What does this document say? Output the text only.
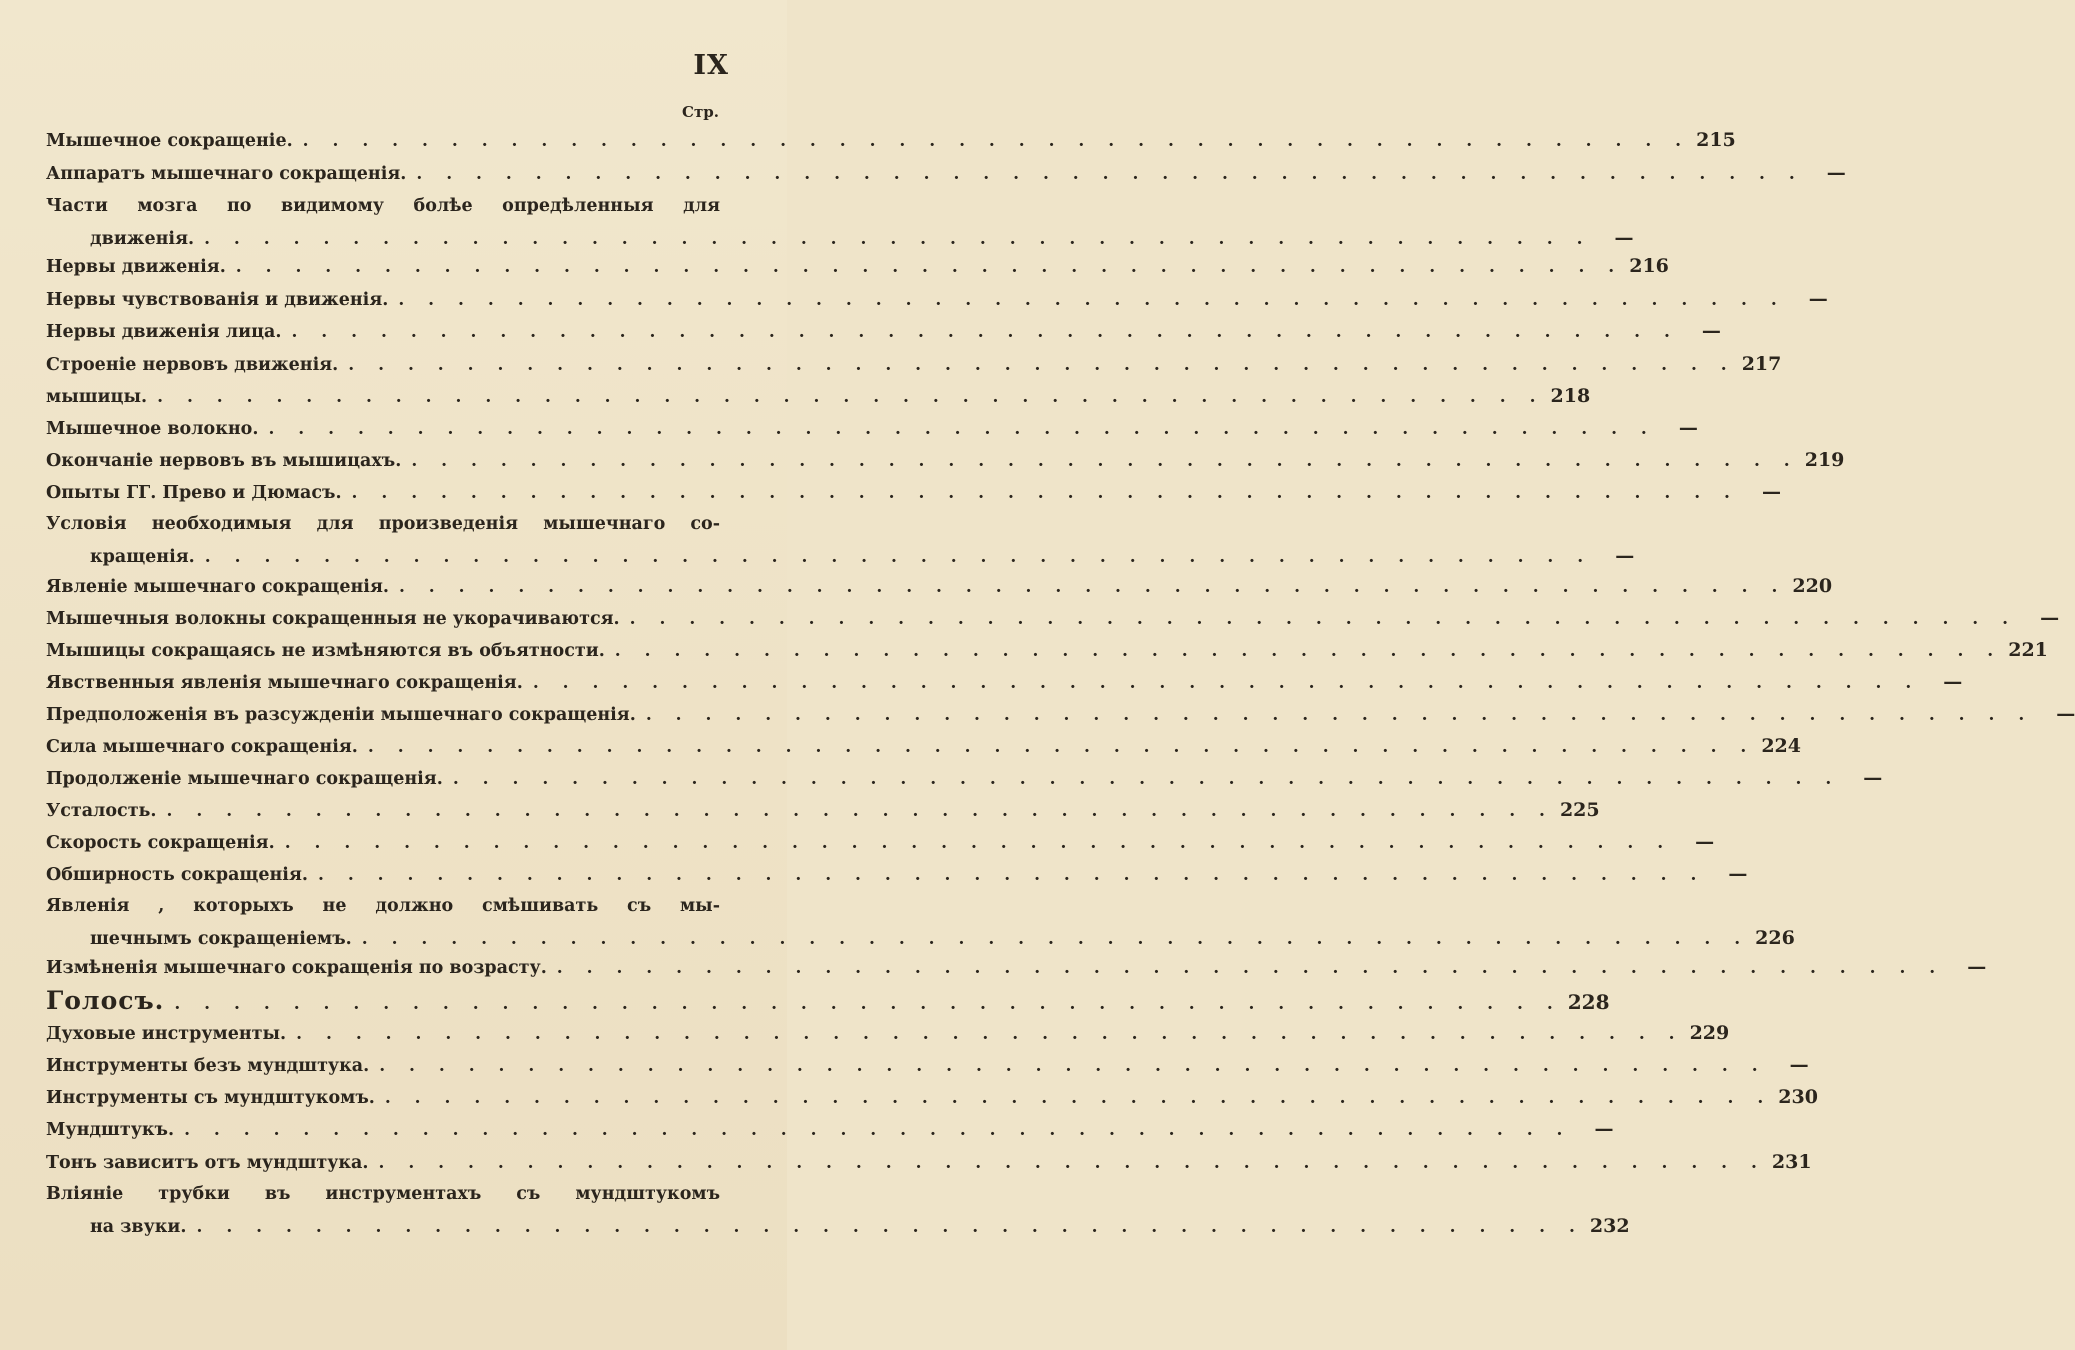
IX
Стр.
Мышечное сокращеніе. . . . . . . . . . . . . . . . . . . . . . . . . . . . . . . . . . . . . . . . . . . . . . . . 215
Аппаратъ мышечнаго сокращенія. . . . . . . . . . . . . . . . . . . . . . . . . . . . . . . . . . . . . . . . . . . . . . . .	—
Части мозга по видимому болѣе опредѣленныя для
движенія. . . . . . . . . . . . . . . . . . . . . . . . . . . . . . . . . . . . . . . . . . . . . . . .	—
Нервы движенія. . . . . . . . . . . . . . . . . . . . . . . . . . . . . . . . . . . . . . . . . . . . . . . . 216
Нервы чувствованія и движенія. . . . . . . . . . . . . . . . . . . . . . . . . . . . . . . . . . . . . . . . . . . . . . . .	—
Нервы движенія лица. . . . . . . . . . . . . . . . . . . . . . . . . . . . . . . . . . . . . . . . . . . . . . . .	—
Строеніе нервовъ движенія. . . . . . . . . . . . . . . . . . . . . . . . . . . . . . . . . . . . . . . . . . . . . . . . 217
мышицы. . . . . . . . . . . . . . . . . . . . . . . . . . . . . . . . . . . . . . . . . . . . . . . . 218
Мышечное волокно. . . . . . . . . . . . . . . . . . . . . . . . . . . . . . . . . . . . . . . . . . . . . . . .	—
Окончаніе нервовъ въ мышицахъ. . . . . . . . . . . . . . . . . . . . . . . . . . . . . . . . . . . . . . . . . . . . . . . . 219
Опыты ГГ. Прево и Дюмасъ. . . . . . . . . . . . . . . . . . . . . . . . . . . . . . . . . . . . . . . . . . . . . . . .	—
Условія необходимыя для произведенія мышечнаго со-
кращенія. . . . . . . . . . . . . . . . . . . . . . . . . . . . . . . . . . . . . . . . . . . . . . . .	—
Явленіе мышечнаго сокращенія. . . . . . . . . . . . . . . . . . . . . . . . . . . . . . . . . . . . . . . . . . . . . . . . 220
Мышечныя волокны сокращенныя не укорачиваются. . . . . . . . . . . . . . . . . . . . . . . . . . . . . . . . . . . . . . . . . . . . . . . .	—
Мышицы сокращаясь не измѣняются въ объятности. . . . . . . . . . . . . . . . . . . . . . . . . . . . . . . . . . . . . . . . . . . . . . . . 221
Явственныя явленія мышечнаго сокращенія. . . . . . . . . . . . . . . . . . . . . . . . . . . . . . . . . . . . . . . . . . . . . . . .	—
Предположенія въ разсужденіи мышечнаго сокращенія. . . . . . . . . . . . . . . . . . . . . . . . . . . . . . . . . . . . . . . . . . . . . . . .	—
Сила мышечнаго сокращенія. . . . . . . . . . . . . . . . . . . . . . . . . . . . . . . . . . . . . . . . . . . . . . . . 224
Продолженіе мышечнаго сокращенія. . . . . . . . . . . . . . . . . . . . . . . . . . . . . . . . . . . . . . . . . . . . . . . .	—
Усталость. . . . . . . . . . . . . . . . . . . . . . . . . . . . . . . . . . . . . . . . . . . . . . . . 225
Скорость сокращенія. . . . . . . . . . . . . . . . . . . . . . . . . . . . . . . . . . . . . . . . . . . . . . . .	—
Обширность сокращенія. . . . . . . . . . . . . . . . . . . . . . . . . . . . . . . . . . . . . . . . . . . . . . . .	—
Явленія , которыхъ не должно смѣшивать съ мы-
шечнымъ сокращеніемъ. . . . . . . . . . . . . . . . . . . . . . . . . . . . . . . . . . . . . . . . . . . . . . . . 226
Измѣненія мышечнаго сокращенія по возрасту. . . . . . . . . . . . . . . . . . . . . . . . . . . . . . . . . . . . . . . . . . . . . . . .	—
Голосъ. . . . . . . . . . . . . . . . . . . . . . . . . . . . . . . . . . . . . . . . . . . . . . . . 228
Духовые инструменты. . . . . . . . . . . . . . . . . . . . . . . . . . . . . . . . . . . . . . . . . . . . . . . . 229
Инструменты безъ мундштука. . . . . . . . . . . . . . . . . . . . . . . . . . . . . . . . . . . . . . . . . . . . . . . .	—
Инструменты съ мундштукомъ. . . . . . . . . . . . . . . . . . . . . . . . . . . . . . . . . . . . . . . . . . . . . . . . 230
Мундштукъ. . . . . . . . . . . . . . . . . . . . . . . . . . . . . . . . . . . . . . . . . . . . . . . .	—
Тонъ зависитъ отъ мундштука. . . . . . . . . . . . . . . . . . . . . . . . . . . . . . . . . . . . . . . . . . . . . . . . 231
Вліяніе трубки въ инструментахъ съ мундштукомъ
на звуки. . . . . . . . . . . . . . . . . . . . . . . . . . . . . . . . . . . . . . . . . . . . . . . . 232
